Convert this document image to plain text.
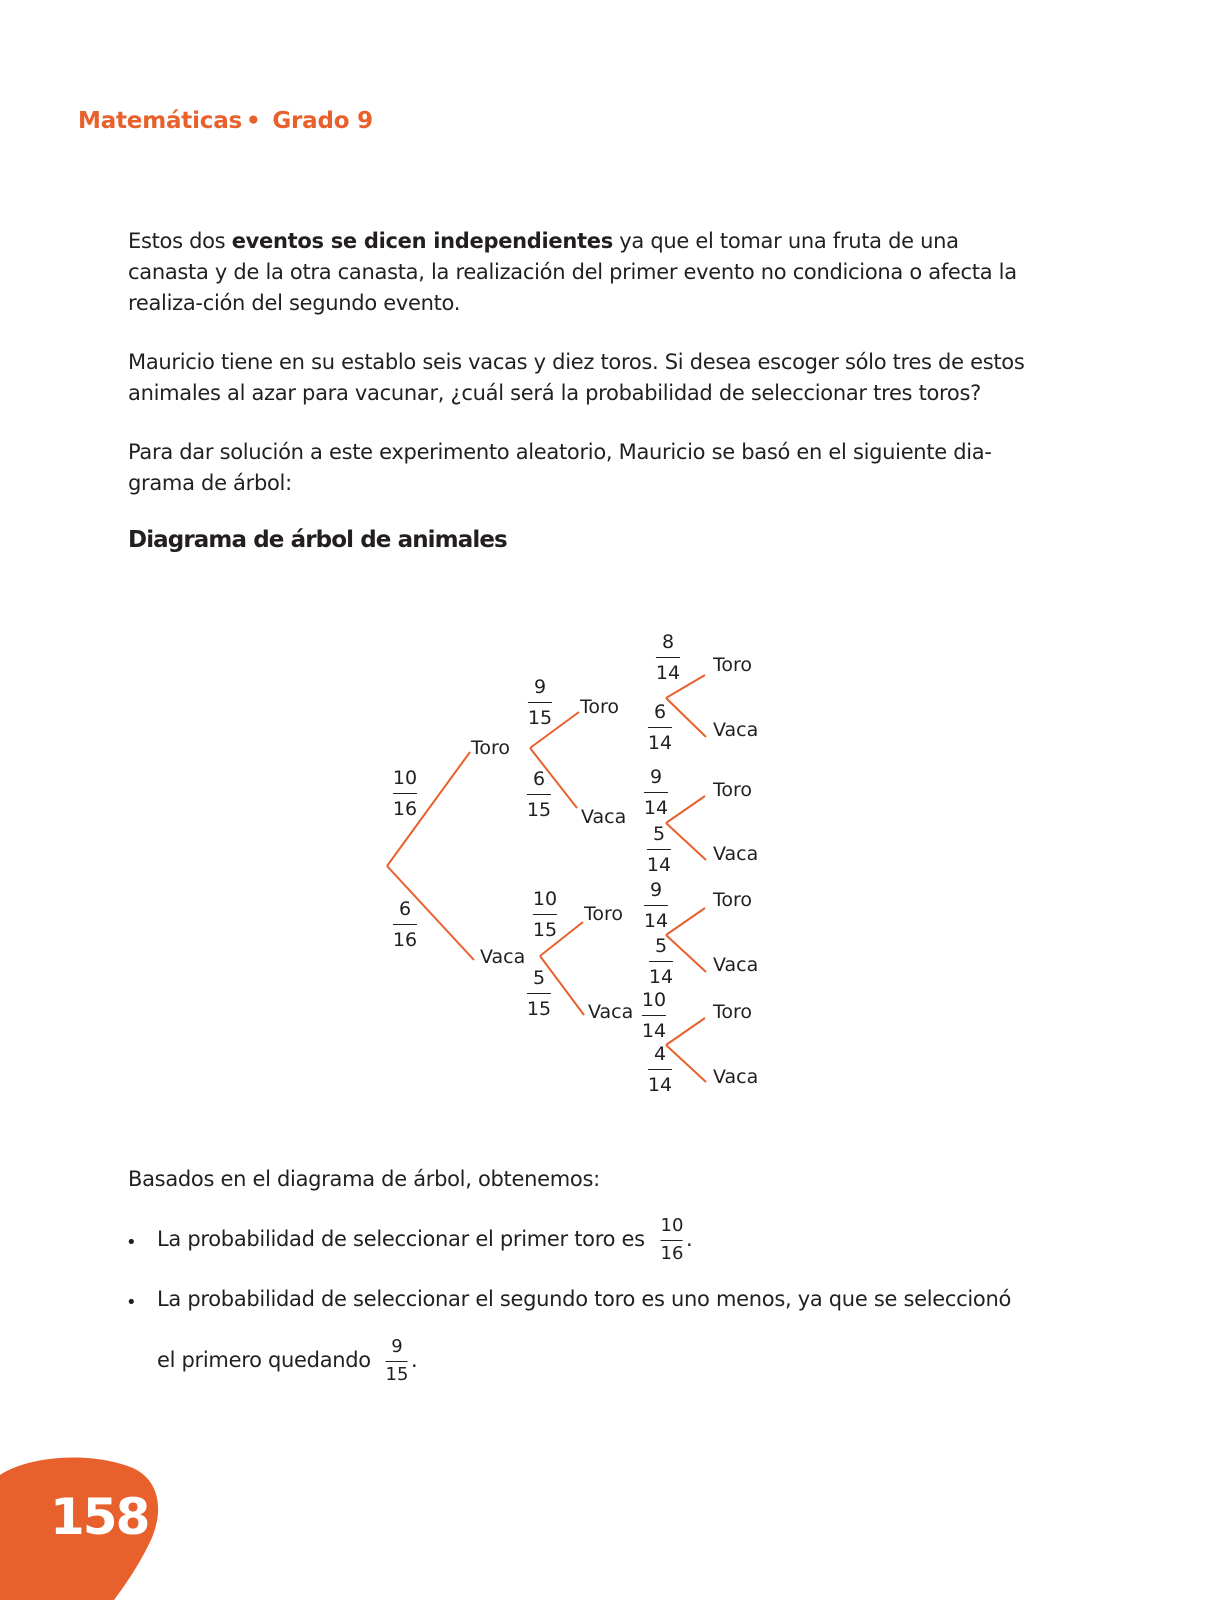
Matemáticas • Grado 9

Estos dos eventos se dicen independientes ya que el tomar una fruta de una canasta y de la otra canasta, la realización del primer evento no condiciona o afecta la realiza-ción del segundo evento.

Mauricio tiene en su establo seis vacas y diez toros. Si desea escoger sólo tres de estos animales al azar para vacunar, ¿cuál será la probabilidad de seleccionar tres toros?

Para dar solución a este experimento aleatorio, Mauricio se basó en el siguiente dia-grama de árbol:

Diagrama de árbol de animales
10
16
6
16
Toro
Vaca
9
15
6
15
10
15
5
15
Toro
Vaca
Toro
Vaca
8
14
6
14
9
14
5
14
9
14
5
14
10
14
4
14
Toro
Vaca
Toro
Vaca
Toro
Vaca
Toro
Vaca

Basados en el diagrama de árbol, obtenemos:

• La probabilidad de seleccionar el primer toro es
10
16
.
• La probabilidad de seleccionar el segundo toro es uno menos, ya que se seleccionó
el primero quedando
9
15
.
158
